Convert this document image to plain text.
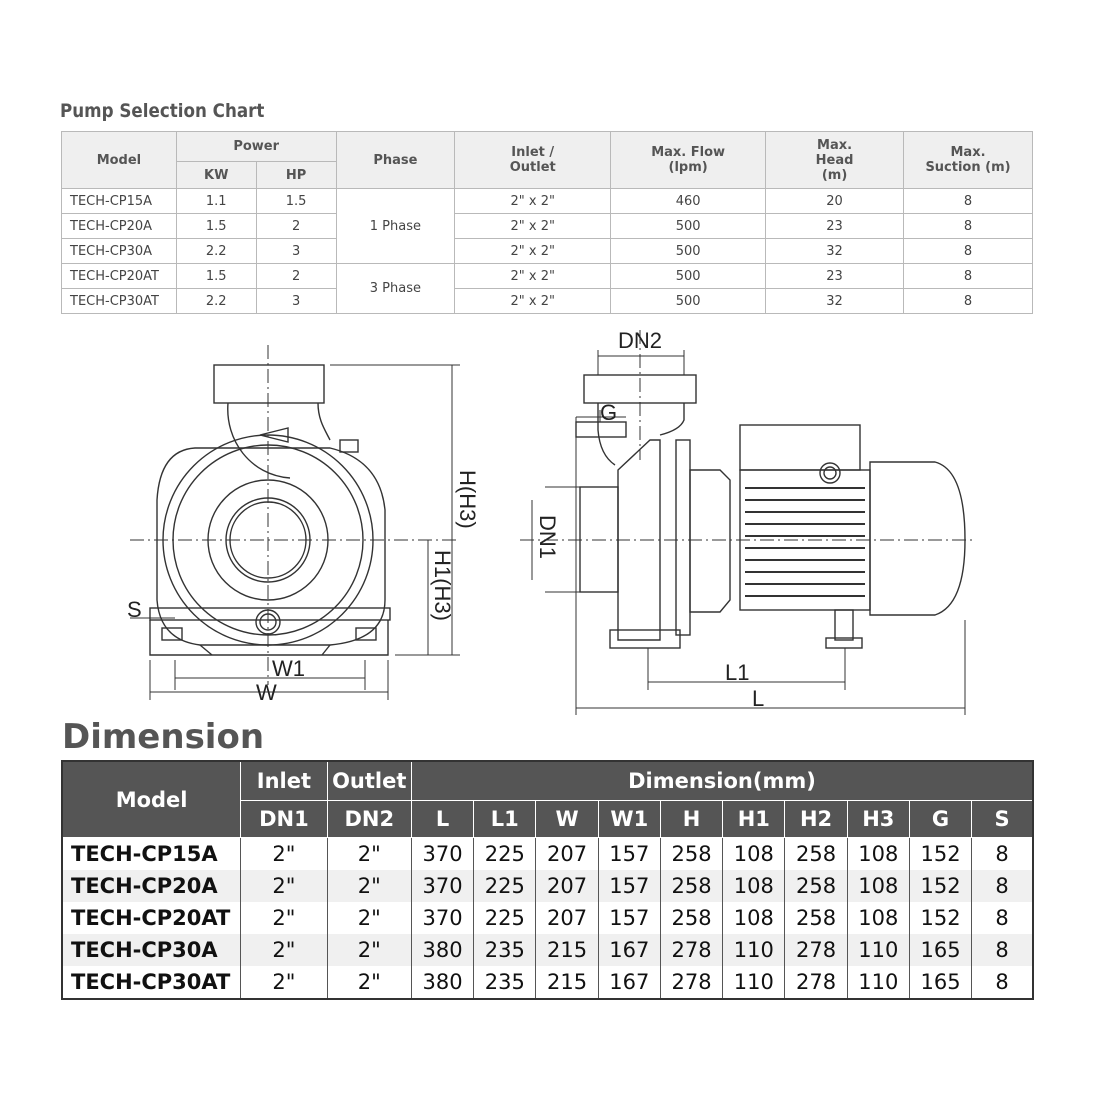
Pump Selection Chart
Model	Power		Phase	Inlet / Outlet	Max. Flow (lpm)	Max. Head (m)	Max. Suction (m)
	KW	HP					
TECH-CP15A	1.1	1.5	1 Phase	2" x 2"	460	20	8
TECH-CP20A	1.5	2		2" x 2"	500	23	8
TECH-CP30A	2.2	3		2" x 2"	500	32	8
TECH-CP20AT	1.5	2	3 Phase	2" x 2"	500	23	8
TECH-CP30AT	2.2	3		2" x 2"	500	32	8
S
W1
W
H(H3)
H1(H3)
DN2
G
DN1
L1
L
Dimension
Model	Inlet	Outlet	Dimension(mm)									
	DN1	DN2	L	L1	W	W1	H	H1	H2	H3	G	S
TECH-CP15A	2"	2"	370	225	207	157	258	108	258	108	152	8
TECH-CP20A	2"	2"	370	225	207	157	258	108	258	108	152	8
TECH-CP20AT	2"	2"	370	225	207	157	258	108	258	108	152	8
TECH-CP30A	2"	2"	380	235	215	167	278	110	278	110	165	8
TECH-CP30AT	2"	2"	380	235	215	167	278	110	278	110	165	8
